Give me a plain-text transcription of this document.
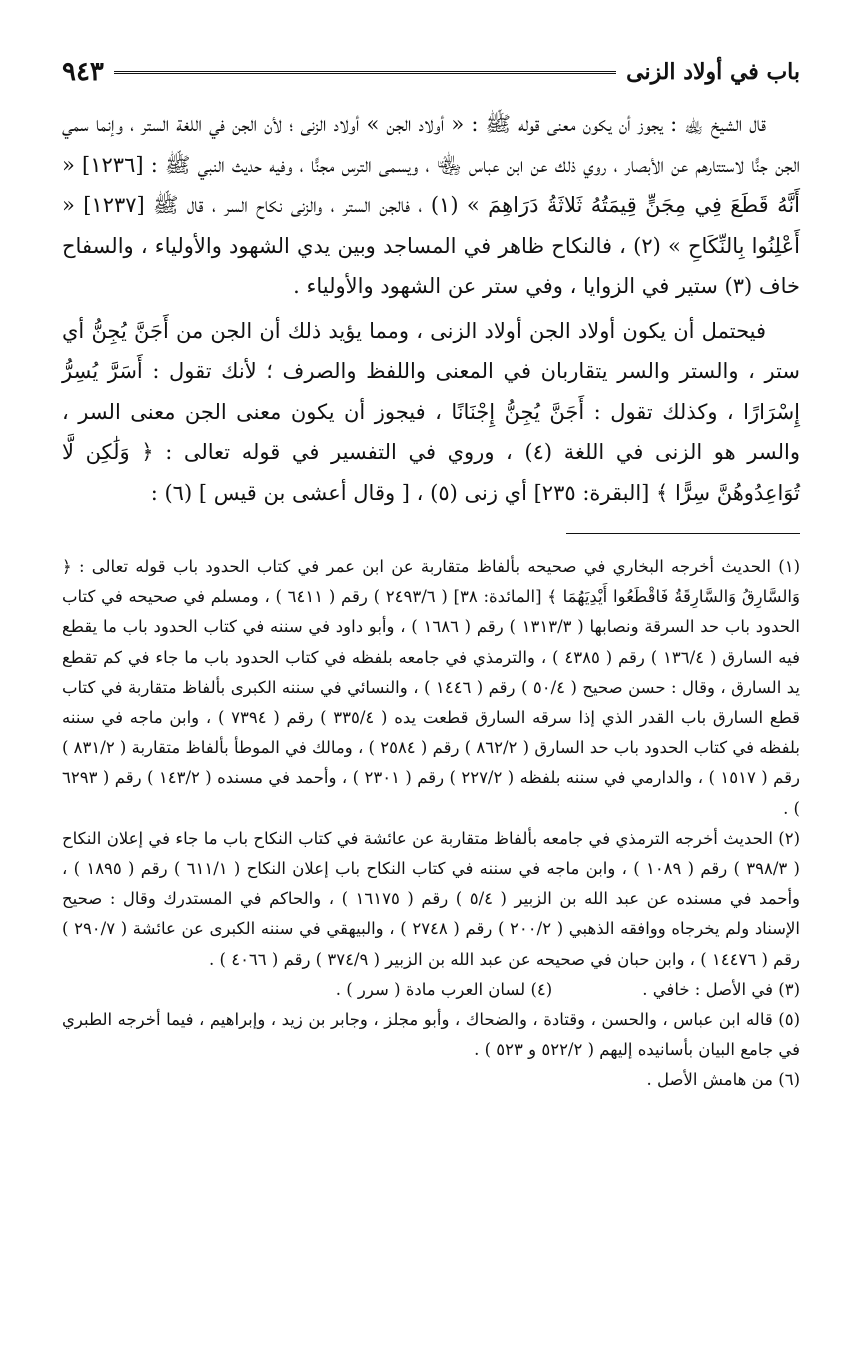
باب في أولاد الزنى
٩٤٣

قال الشيخ ﵀ : يجوز أن يكون معنى قوله ﷺ : « أولاد الجن » أولاد الزنى ؛ لأن الجن في اللغة الستر ، وإنما سمي الجن جنًّا لاستتارهم عن الأبصار ، روي ذلك عن ابن عباس ﵄ ، ويسمى الترس مجنًّا ، وفيه حديث النبي ﷺ : [١٢٣٦] « أَنَّهُ قَطَعَ فِي مِجَنٍّ قِيمَتُهُ ثَلاثَةُ دَرَاهِمَ » (١) ، فالجن الستر ، والزنى نكاح السر ، قال ﷺ [١٢٣٧] « أَعْلِنُوا بِالنِّكَاحِ » (٢) ، فالنكاح ظاهر في المساجد وبين يدي الشهود والأولياء ، والسفاح خاف (٣) ستير في الزوايا ، وفي ستر عن الشهود والأولياء .

فيحتمل أن يكون أولاد الجن أولاد الزنى ، ومما يؤيد ذلك أن الجن من أَجَنَّ يُجِنُّ أي ستر ، والستر والسر يتقاربان في المعنى واللفظ والصرف ؛ لأنك تقول : أَسَرَّ يُسِرُّ إِسْرَارًا ، وكذلك تقول : أَجَنَّ يُجِنُّ إِجْنَانًا ، فيجوز أن يكون معنى الجن معنى السر ، والسر هو الزنى في اللغة (٤) ، وروي في التفسير في قوله تعالى : ﴿ وَلَٰكِن لَّا تُوَاعِدُوهُنَّ سِرًّا ﴾ [البقرة: ٢٣٥] أي زنى (٥) ، [ وقال أعشى بن قيس ] (٦) :

(١) الحديث أخرجه البخاري في صحيحه بألفاظ متقاربة عن ابن عمر في كتاب الحدود باب قوله تعالى : ﴿ وَالسَّارِقُ وَالسَّارِقَةُ فَاقْطَعُوا أَيْدِيَهُمَا ﴾ [المائدة: ٣٨] ( ٢٤٩٣/٦ ) رقم ( ٦٤١١ ) ، ومسلم في صحيحه في كتاب الحدود باب حد السرقة ونصابها ( ١٣١٣/٣ ) رقم ( ١٦٨٦ ) ، وأبو داود في سننه في كتاب الحدود باب ما يقطع فيه السارق ( ١٣٦/٤ ) رقم ( ٤٣٨٥ ) ، والترمذي في جامعه بلفظه في كتاب الحدود باب ما جاء في كم تقطع يد السارق ، وقال : حسن صحيح ( ٥٠/٤ ) رقم ( ١٤٤٦ ) ، والنسائي في سننه الكبرى بألفاظ متقاربة في كتاب قطع السارق باب القدر الذي إذا سرقه السارق قطعت يده ( ٣٣٥/٤ ) رقم ( ٧٣٩٤ ) ، وابن ماجه في سننه بلفظه في كتاب الحدود باب حد السارق ( ٨٦٢/٢ ) رقم ( ٢٥٨٤ ) ، ومالك في الموطأ بألفاظ متقاربة ( ٨٣١/٢ ) رقم ( ١٥١٧ ) ، والدارمي في سننه بلفظه ( ٢٢٧/٢ ) رقم ( ٢٣٠١ ) ، وأحمد في مسنده ( ١٤٣/٢ ) رقم ( ٦٢٩٣ ) .

(٢) الحديث أخرجه الترمذي في جامعه بألفاظ متقاربة عن عائشة في كتاب النكاح باب ما جاء في إعلان النكاح ( ٣٩٨/٣ ) رقم ( ١٠٨٩ ) ، وابن ماجه في سننه في كتاب النكاح باب إعلان النكاح ( ٦١١/١ ) رقم ( ١٨٩٥ ) ، وأحمد في مسنده عن عبد الله بن الزبير ( ٥/٤ ) رقم ( ١٦١٧٥ ) ، والحاكم في المستدرك وقال : صحيح الإسناد ولم يخرجاه ووافقه الذهبي ( ٢٠٠/٢ ) رقم ( ٢٧٤٨ ) ، والبيهقي في سننه الكبرى عن عائشة ( ٢٩٠/٧ ) رقم ( ١٤٤٧٦ ) ، وابن حبان في صحيحه عن عبد الله بن الزبير ( ٣٧٤/٩ ) رقم ( ٤٠٦٦ ) .

(٣) في الأصل : خافي .
(٤) لسان العرب مادة ( سرر ) .

(٥) قاله ابن عباس ، والحسن ، وقتادة ، والضحاك ، وأبو مجلز ، وجابر بن زيد ، وإبراهيم ، فيما أخرجه الطبري في جامع البيان بأسانيده إليهم ( ٥٢٢/٢ و ٥٢٣ ) .

(٦) من هامش الأصل .
